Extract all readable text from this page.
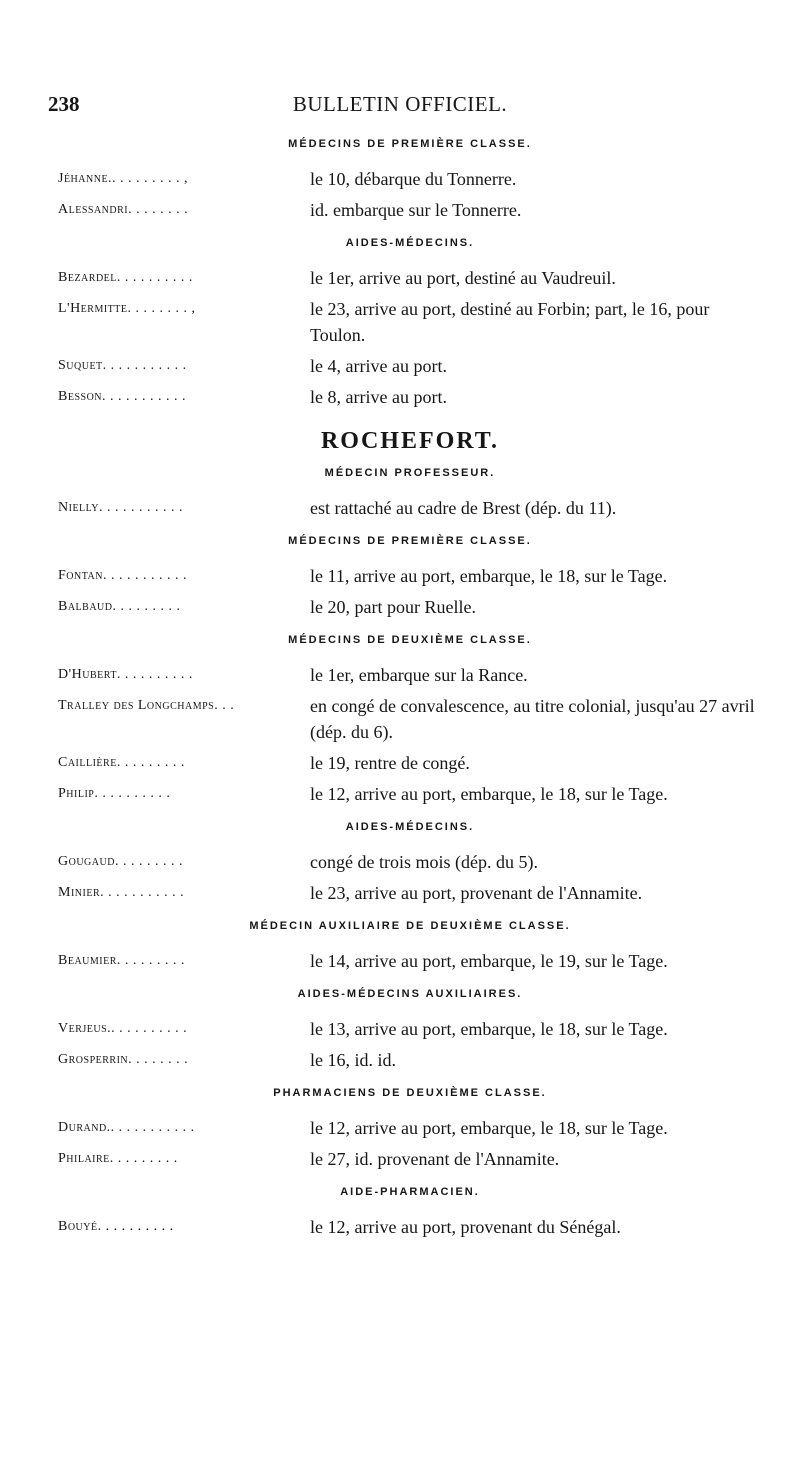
238	BULLETIN OFFICIEL.
MÉDECINS DE PREMIÈRE CLASSE.
Jéhanne.. . . . . . . . . ,	le 10, débarque du Tonnerre.
Alessandri. . . . . . . .	id. embarque sur le Tonnerre.
AIDES-MÉDECINS.
Bezardel. . . . . . . . . .	le 1er, arrive au port, destiné au Vaudreuil.
L'Hermitte. . . . . . . . ,	le 23, arrive au port, destiné au Forbin; part, le 16, pour Toulon.
Suquet. . . . . . . . . . .	le 4, arrive au port.
Besson. . . . . . . . . . .	le 8, arrive au port.
ROCHEFORT.
MÉDECIN PROFESSEUR.
Nielly. . . . . . . . . . .	est rattaché au cadre de Brest (dép. du 11).
MÉDECINS DE PREMIÈRE CLASSE.
Fontan. . . . . . . . . . .	le 11, arrive au port, embarque, le 18, sur le Tage.
Balbaud. . . . . . . . .	le 20, part pour Ruelle.
MÉDECINS DE DEUXIÈME CLASSE.
D'Hubert. . . . . . . . . .	le 1er, embarque sur la Rance.
Tralley des Longchamps. . .	en congé de convalescence, au titre colonial, jusqu'au 27 avril (dép. du 6).
Caillière. . . . . . . . .	le 19, rentre de congé.
Philip. . . . . . . . . .	le 12, arrive au port, embarque, le 18, sur le Tage.
AIDES-MÉDECINS.
Gougaud. . . . . . . . .	congé de trois mois (dép. du 5).
Minier. . . . . . . . . . .	le 23, arrive au port, provenant de l'Annamite.
MÉDECIN AUXILIAIRE DE DEUXIÈME CLASSE.
Beaumier. . . . . . . . .	le 14, arrive au port, embarque, le 19, sur le Tage.
AIDES-MÉDECINS AUXILIAIRES.
Verjeus.. . . . . . . . . .	le 13, arrive au port, embarque, le 18, sur le Tage.
Grosperrin. . . . . . . .	le 16, id. id.
PHARMACIENS DE DEUXIÈME CLASSE.
Durand.. . . . . . . . . . .	le 12, arrive au port, embarque, le 18, sur le Tage.
Philaire. . . . . . . . .	le 27, id. provenant de l'Annamite.
AIDE-PHARMACIEN.
Bouyé. . . . . . . . . .	le 12, arrive au port, provenant du Sénégal.
